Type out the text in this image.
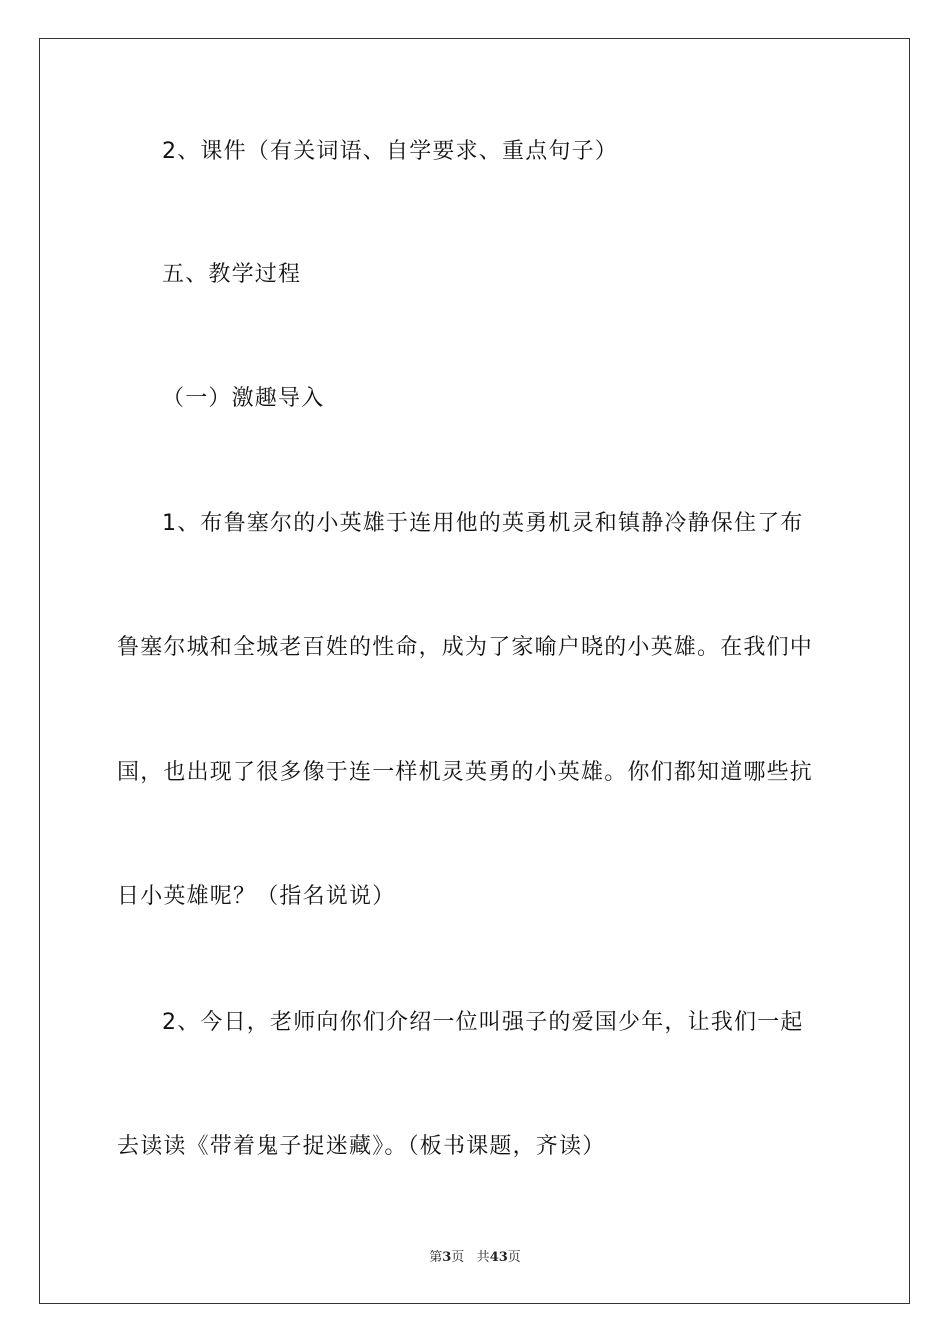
2、课件（有关词语、自学要求、重点句子）
五、教学过程
（一）激趣导入
1、布鲁塞尔的小英雄于连用他的英勇机灵和镇静冷静保住了布
鲁塞尔城和全城老百姓的性命，成为了家喻户晓的小英雄。在我们中
国，也出现了很多像于连一样机灵英勇的小英雄。你们都知道哪些抗
日小英雄呢？（指名说说）
2、今日，老师向你们介绍一位叫强子的爱国少年，让我们一起
去读读《带着鬼子捉迷藏》。（板书课题，齐读）
第3页 共43页
